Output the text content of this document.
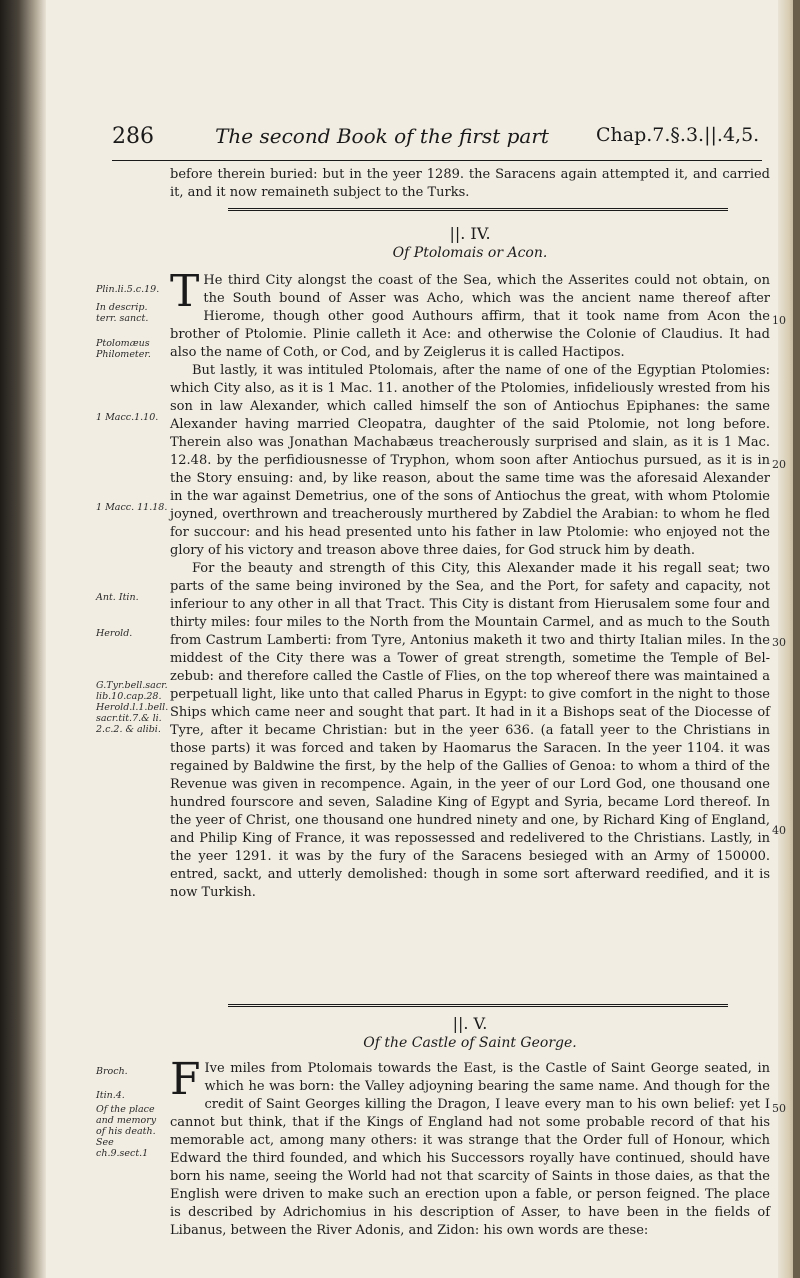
286	The second Book of the first part	Chap.7.§.3.||.4,5.

before therein buried: but in the yeer 1289. the Saracens again attempted it, and carried it, and it now remaineth subject to the Turks.

||. IV.
Of Ptolomais or Acon.
T He third City alongst the coast of the Sea, which the Asserites could not obtain, on the South bound of Asser was Acho, which was the ancient name thereof after Hierome, though other good Authours affirm, that it took name from Acon the brother of Ptolomie. Plinie calleth it Ace: and otherwise the Colonie of Claudius. It had also the name of Coth, or Cod, and by Zeiglerus it is called Hactipos.

But lastly, it was intituled Ptolomais, after the name of one of the Egyptian Ptolomies: which City also, as it is 1 Mac. 11. another of the Ptolomies, infideliously wrested from his son in law Alexander, which called himself the son of Antiochus Epiphanes: the same Alexander having married Cleopatra, daughter of the said Ptolomie, not long before. Therein also was Jonathan Machabæus treacherously surprised and slain, as it is 1 Mac. 12.48. by the perfidiousnesse of Tryphon, whom soon after Antiochus pursued, as it is in the Story ensuing: and, by like reason, about the same time was the aforesaid Alexander in the war against Demetrius, one of the sons of Antiochus the great, with whom Ptolomie joyned, overthrown and treacherously murthered by Zabdiel the Arabian: to whom he fled for succour: and his head presented unto his father in law Ptolomie: who enjoyed not the glory of his victory and treason above three daies, for God struck him by death.

For the beauty and strength of this City, this Alexander made it his regall seat; two parts of the same being invironed by the Sea, and the Port, for safety and capacity, not inferiour to any other in all that Tract. This City is distant from Hierusalem some four and thirty miles: four miles to the North from the Mountain Carmel, and as much to the South from Castrum Lamberti: from Tyre, Antonius maketh it two and thirty Italian miles. In the middest of the City there was a Tower of great strength, sometime the Temple of Bel-zebub: and therefore called the Castle of Flies, on the top whereof there was maintained a perpetuall light, like unto that called Pharus in Egypt: to give comfort in the night to those Ships which came neer and sought that part. It had in it a Bishops seat of the Diocesse of Tyre, after it became Christian: but in the yeer 636. (a fatall yeer to the Christians in those parts) it was forced and taken by Haomarus the Saracen. In the yeer 1104. it was regained by Baldwine the first, by the help of the Gallies of Genoa: to whom a third of the Revenue was given in recompence. Again, in the yeer of our Lord God, one thousand one hundred fourscore and seven, Saladine King of Egypt and Syria, became Lord thereof. In the yeer of Christ, one thousand one hundred ninety and one, by Richard King of England, and Philip King of France, it was repossessed and redelivered to the Christians. Lastly, in the yeer 1291. it was by the fury of the Saracens besieged with an Army of 150000. entred, sackt, and utterly demolished: though in some sort afterward reedified, and it is now Turkish.

||. V.
Of the Castle of Saint George.
F Ive miles from Ptolomais towards the East, is the Castle of Saint George seated, in which he was born: the Valley adjoyning bearing the same name. And though for the credit of Saint Georges killing the Dragon, I leave every man to his own belief: yet I cannot but think, that if the Kings of England had not some probable record of that his memorable act, among many others: it was strange that the Order full of Honour, which Edward the third founded, and which his Successors royally have continued, should have born his name, seeing the World had not that scarcity of Saints in those daies, as that the English were driven to make such an erection upon a fable, or person feigned. The place is described by Adrichomius in his description of Asser, to have been in the fields of Libanus, between the River Adonis, and Zidon: his own words are these:

Plin.li.5.c.19.
In descrip. terr. sanct.
Ptolomæus Philometer.
1 Macc.1.10.
1 Macc. 11.18.
Ant. Itin.
Herold.
G.Tyr.bell.sacr. lib.10.cap.28. Herold.l.1.bell. sacr.tit.7.& li. 2.c.2. & alibi.
Broch.
Itin.4.
Of the place and memory of his death. See ch.9.sect.1
10
20
30
40
50
